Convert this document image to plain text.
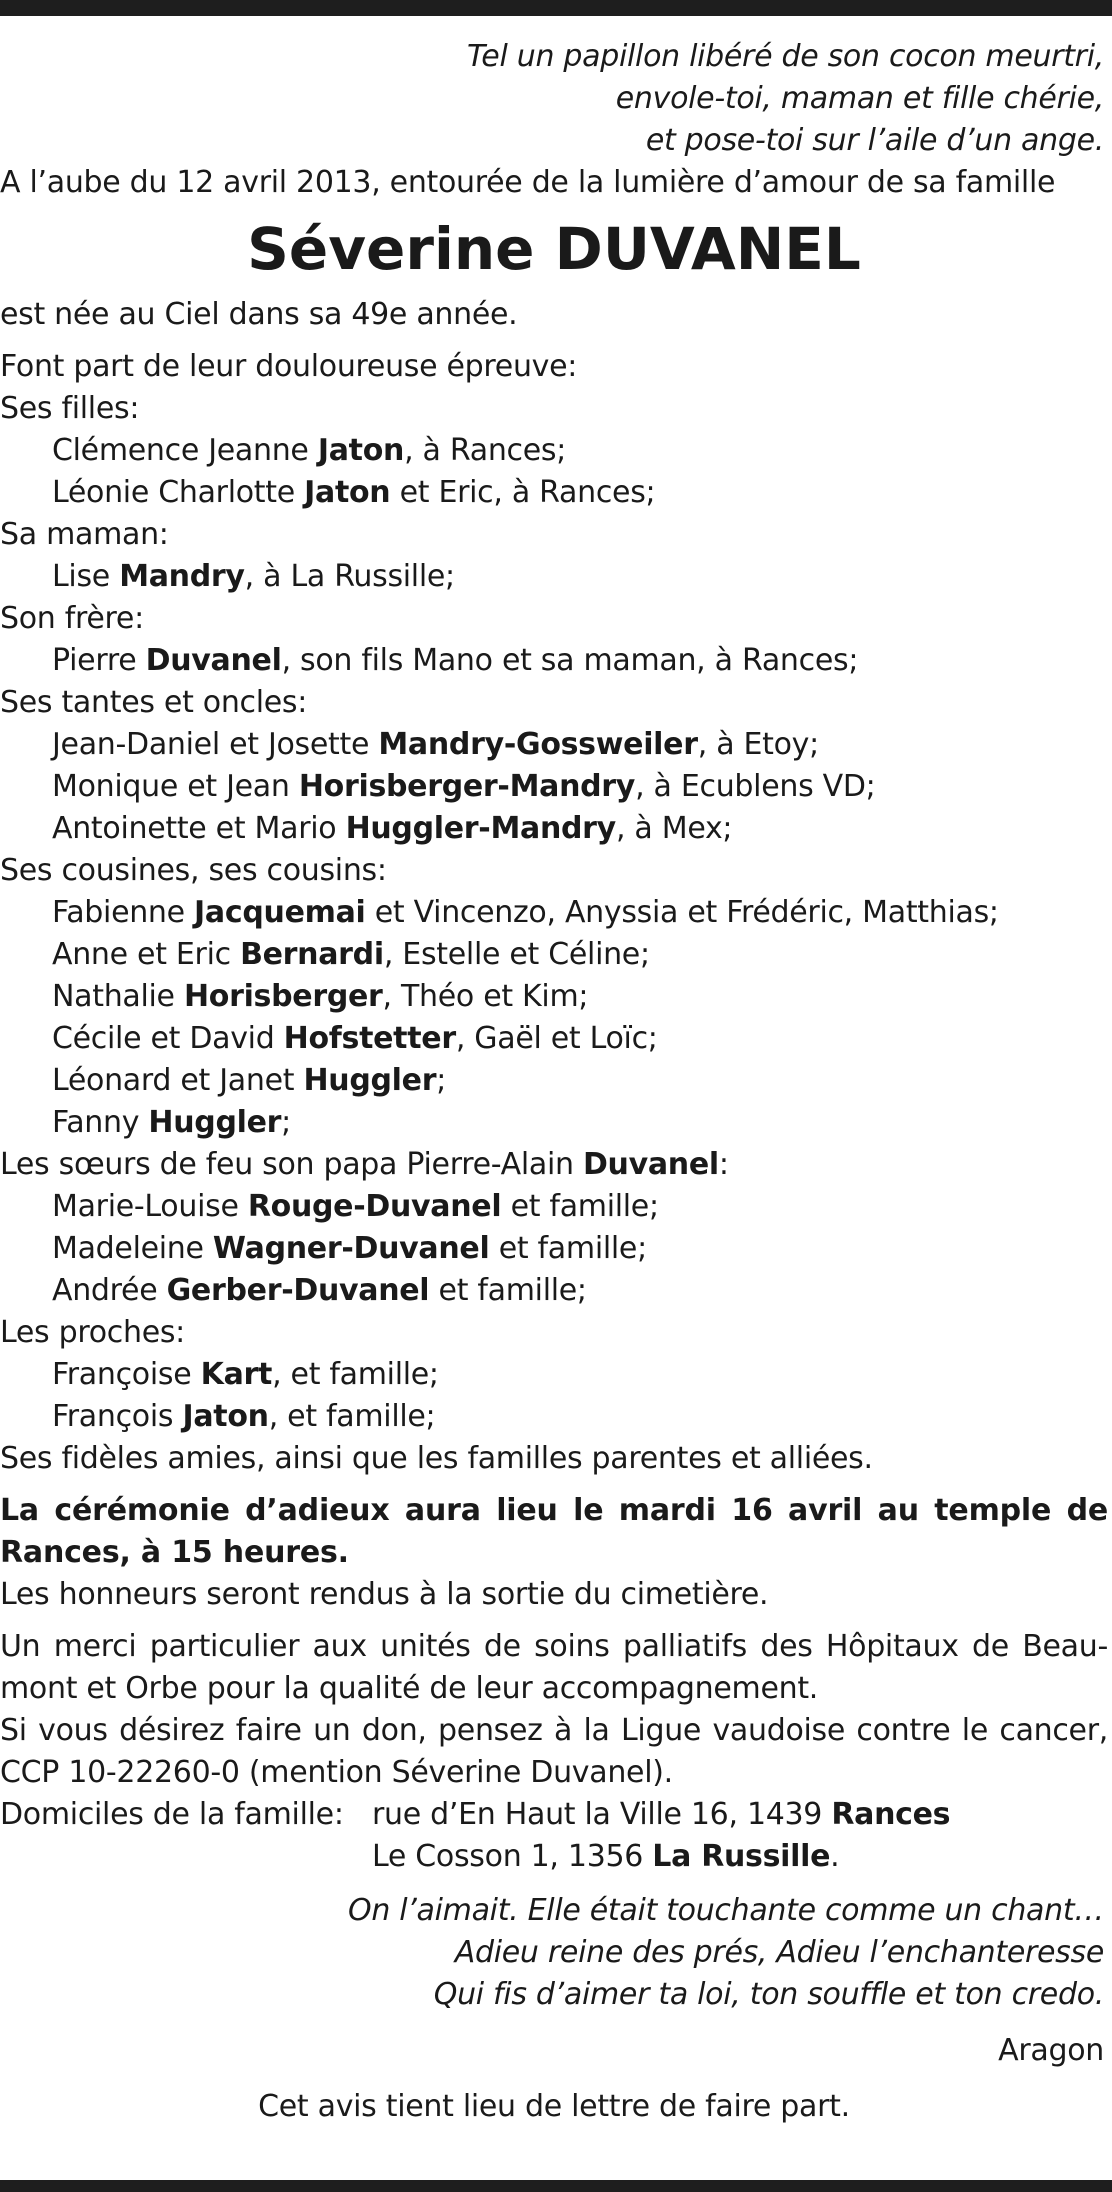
Tel un papillon libéré de son cocon meurtri,
envole-toi, maman et fille chérie,
et pose-toi sur l’aile d’un ange.
A l’aube du 12 avril 2013, entourée de la lumière d’amour de sa famille
Séverine DUVANEL
est née au Ciel dans sa 49e année.
Font part de leur douloureuse épreuve:
Ses filles:
Clémence Jeanne Jaton, à Rances;
Léonie Charlotte Jaton et Eric, à Rances;
Sa maman:
Lise Mandry, à La Russille;
Son frère:
Pierre Duvanel, son fils Mano et sa maman, à Rances;
Ses tantes et oncles:
Jean-Daniel et Josette Mandry-Gossweiler, à Etoy;
Monique et Jean Horisberger-Mandry, à Ecublens VD;
Antoinette et Mario Huggler-Mandry, à Mex;
Ses cousines, ses cousins:
Fabienne Jacquemai et Vincenzo, Anyssia et Frédéric, Matthias;
Anne et Eric Bernardi, Estelle et Céline;
Nathalie Horisberger, Théo et Kim;
Cécile et David Hofstetter, Gaël et Loïc;
Léonard et Janet Huggler;
Fanny Huggler;
Les sœurs de feu son papa Pierre-Alain Duvanel:
Marie-Louise Rouge-Duvanel et famille;
Madeleine Wagner-Duvanel et famille;
Andrée Gerber-Duvanel et famille;
Les proches:
Françoise Kart, et famille;
François Jaton, et famille;
Ses fidèles amies, ainsi que les familles parentes et alliées.
La cérémonie d’adieux aura lieu le mardi 16 avril au temple de Rances, à 15 heures.
Les honneurs seront rendus à la sortie du cimetière.
Un merci particulier aux unités de soins palliatifs des Hôpitaux de Beau-mont et Orbe pour la qualité de leur accompagnement.
Si vous désirez faire un don, pensez à la Ligue vaudoise contre le cancer, CCP 10-22260-0 (mention Séverine Duvanel).
Domiciles de la famille: rue d’En Haut la Ville 16, 1439 Rances
Le Cosson 1, 1356 La Russille.
On l’aimait. Elle était touchante comme un chant…
Adieu reine des prés, Adieu l’enchanteresse
Qui fis d’aimer ta loi, ton souffle et ton credo.
Aragon
Cet avis tient lieu de lettre de faire part.
